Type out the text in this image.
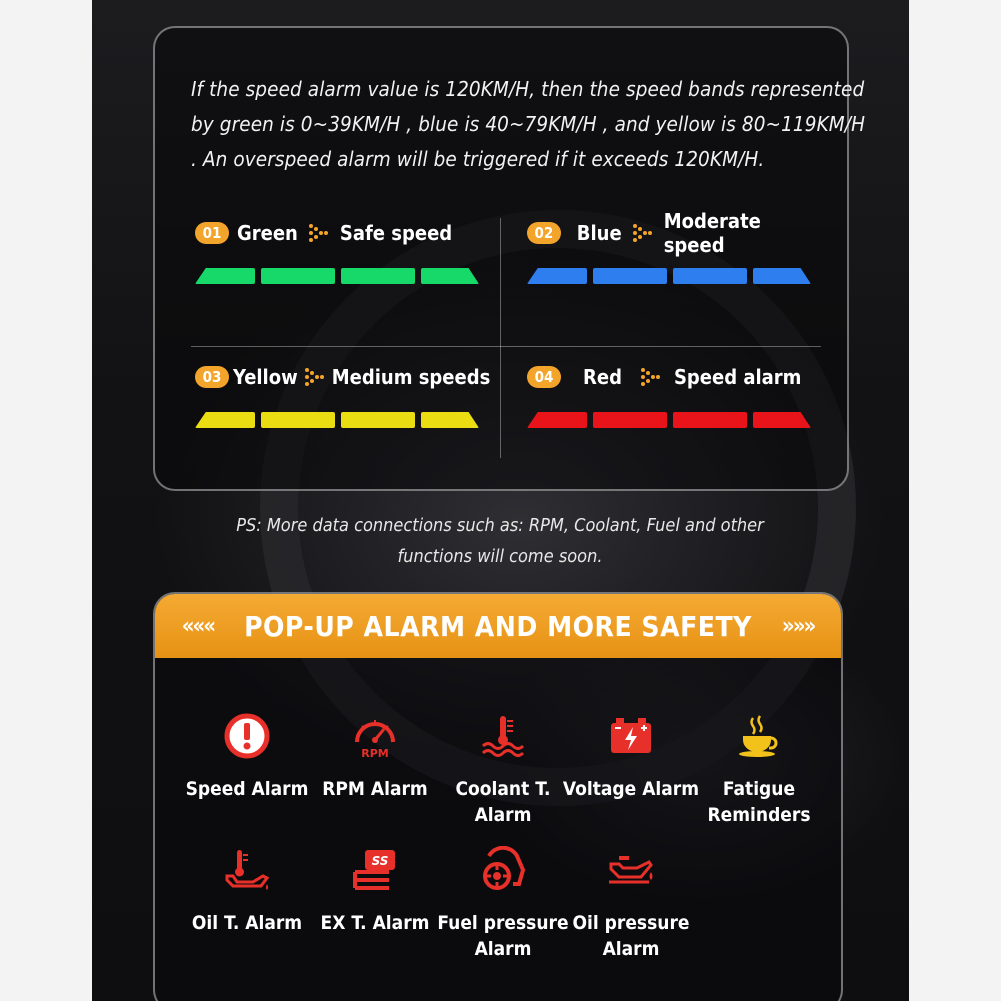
If the speed alarm value is 120KM/H, then the speed bands represented

by green is 0~39KM/H , blue is 40~79KM/H , and yellow is 80~119KM/H

. An overspeed alarm will be triggered if it exceeds 120KM/H.

01 Green Safe speed	02	Blue Moderate speed
03 Yellow Medium speeds	04	Red	Speed alarm

PS: More data connections such as: RPM, Coolant, Fuel and other

functions will come soon.

««« POP-UP ALARM AND MORE SAFETY »»»
Speed Alarm
RPM
RPM Alarm	Coolant T.
Alarm
Voltage Alarm	Fatigue
Reminders
Oil T. Alarm
SS
EX T. Alarm Fuel pressure
Alarm
Oil pressure
Alarm
